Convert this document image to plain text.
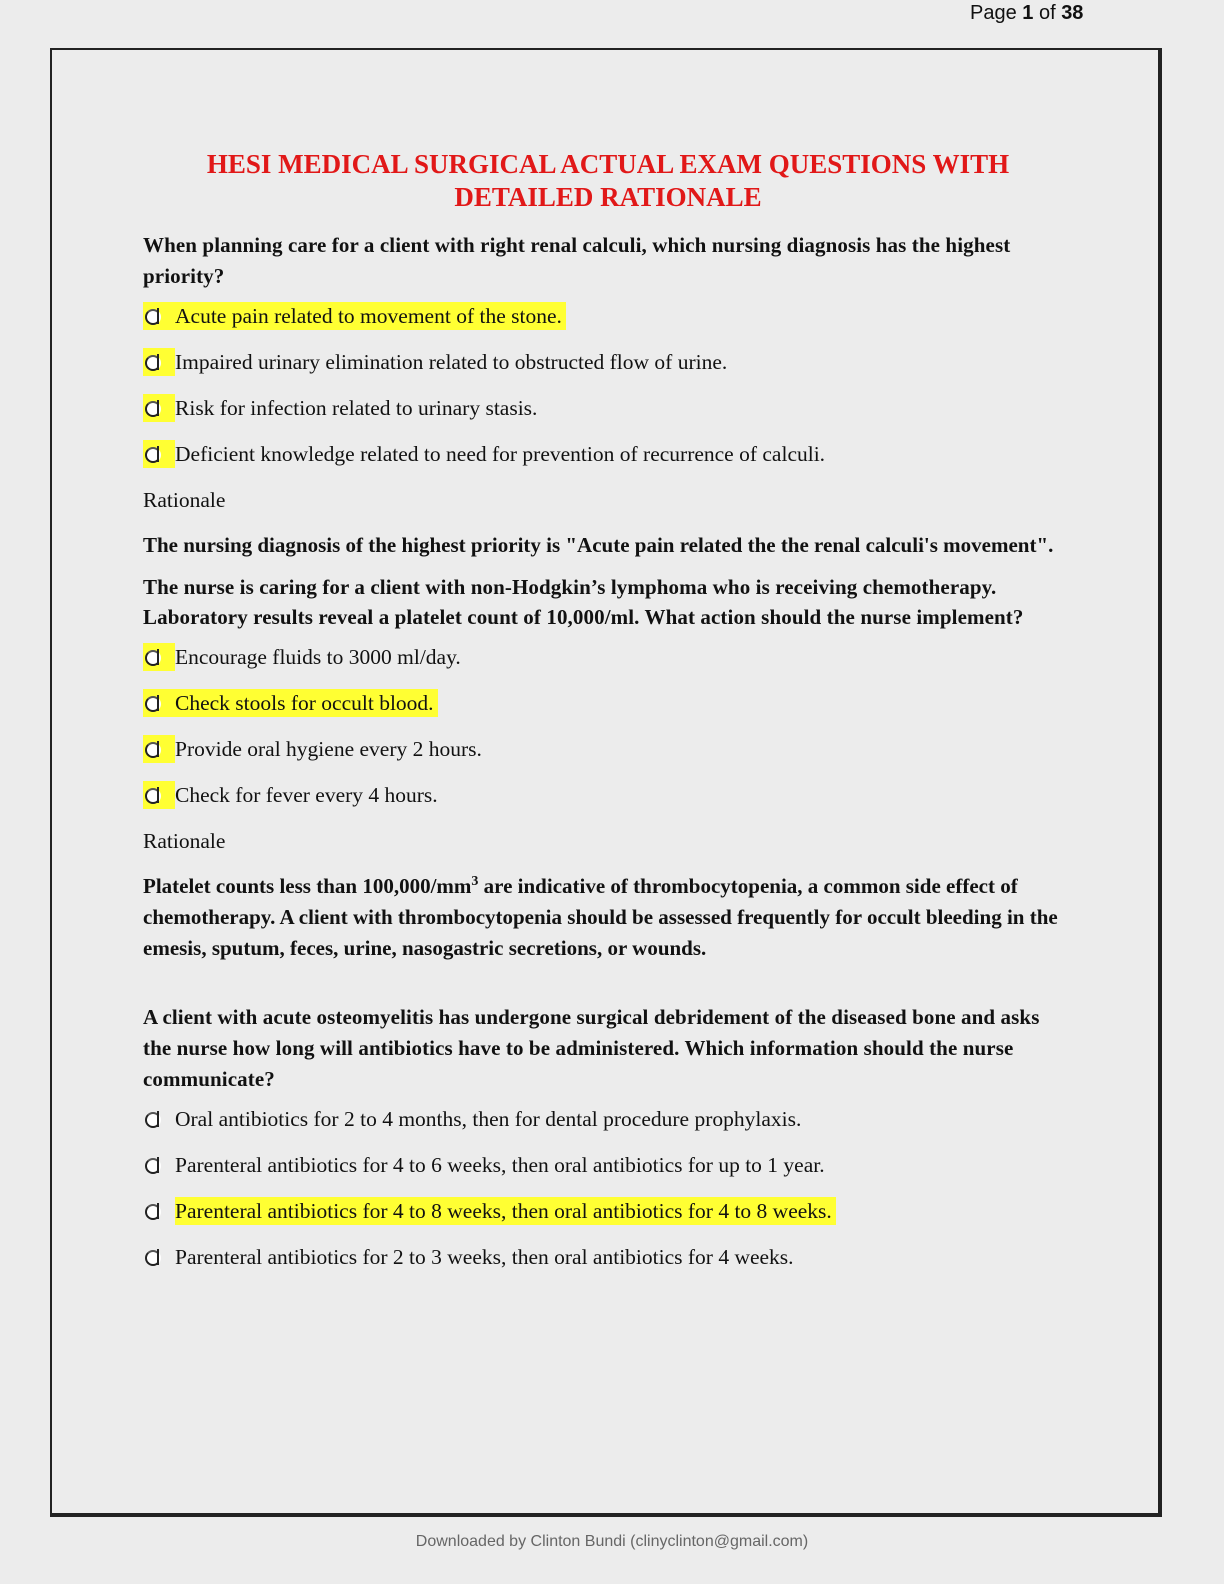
Page 1 of 38
HESI MEDICAL SURGICAL ACTUAL EXAM QUESTIONS WITH DETAILED RATIONALE
When planning care for a client with right renal calculi, which nursing diagnosis has the highest priority?
Acute pain related to movement of the stone.
Impaired urinary elimination related to obstructed flow of urine.
Risk for infection related to urinary stasis.
Deficient knowledge related to need for prevention of recurrence of calculi.
Rationale
The nursing diagnosis of the highest priority is "Acute pain related the the renal calculi's movement".
The nurse is caring for a client with non-Hodgkin’s lymphoma who is receiving chemotherapy.
Laboratory results reveal a platelet count of 10,000/ml. What action should the nurse implement?
Encourage fluids to 3000 ml/day.
Check stools for occult blood.
Provide oral hygiene every 2 hours.
Check for fever every 4 hours.
Rationale
Platelet counts less than $100,000/mm^3$ are indicative of thrombocytopenia, a common side effect of chemotherapy. A client with thrombocytopenia should be assessed frequently for occult bleeding in the emesis, sputum, feces, urine, nasogastric secretions, or wounds.
A client with acute osteomyelitis has undergone surgical debridement of the diseased bone and asks the nurse how long will antibiotics have to be administered. Which information should the nurse communicate?
Oral antibiotics for 2 to 4 months, then for dental procedure prophylaxis.
Parenteral antibiotics for 4 to 6 weeks, then oral antibiotics for up to 1 year.
Parenteral antibiotics for 4 to 8 weeks, then oral antibiotics for 4 to 8 weeks.
Parenteral antibiotics for 2 to 3 weeks, then oral antibiotics for 4 weeks.
Downloaded by Clinton Bundi (clinyclinton@gmail.com)
